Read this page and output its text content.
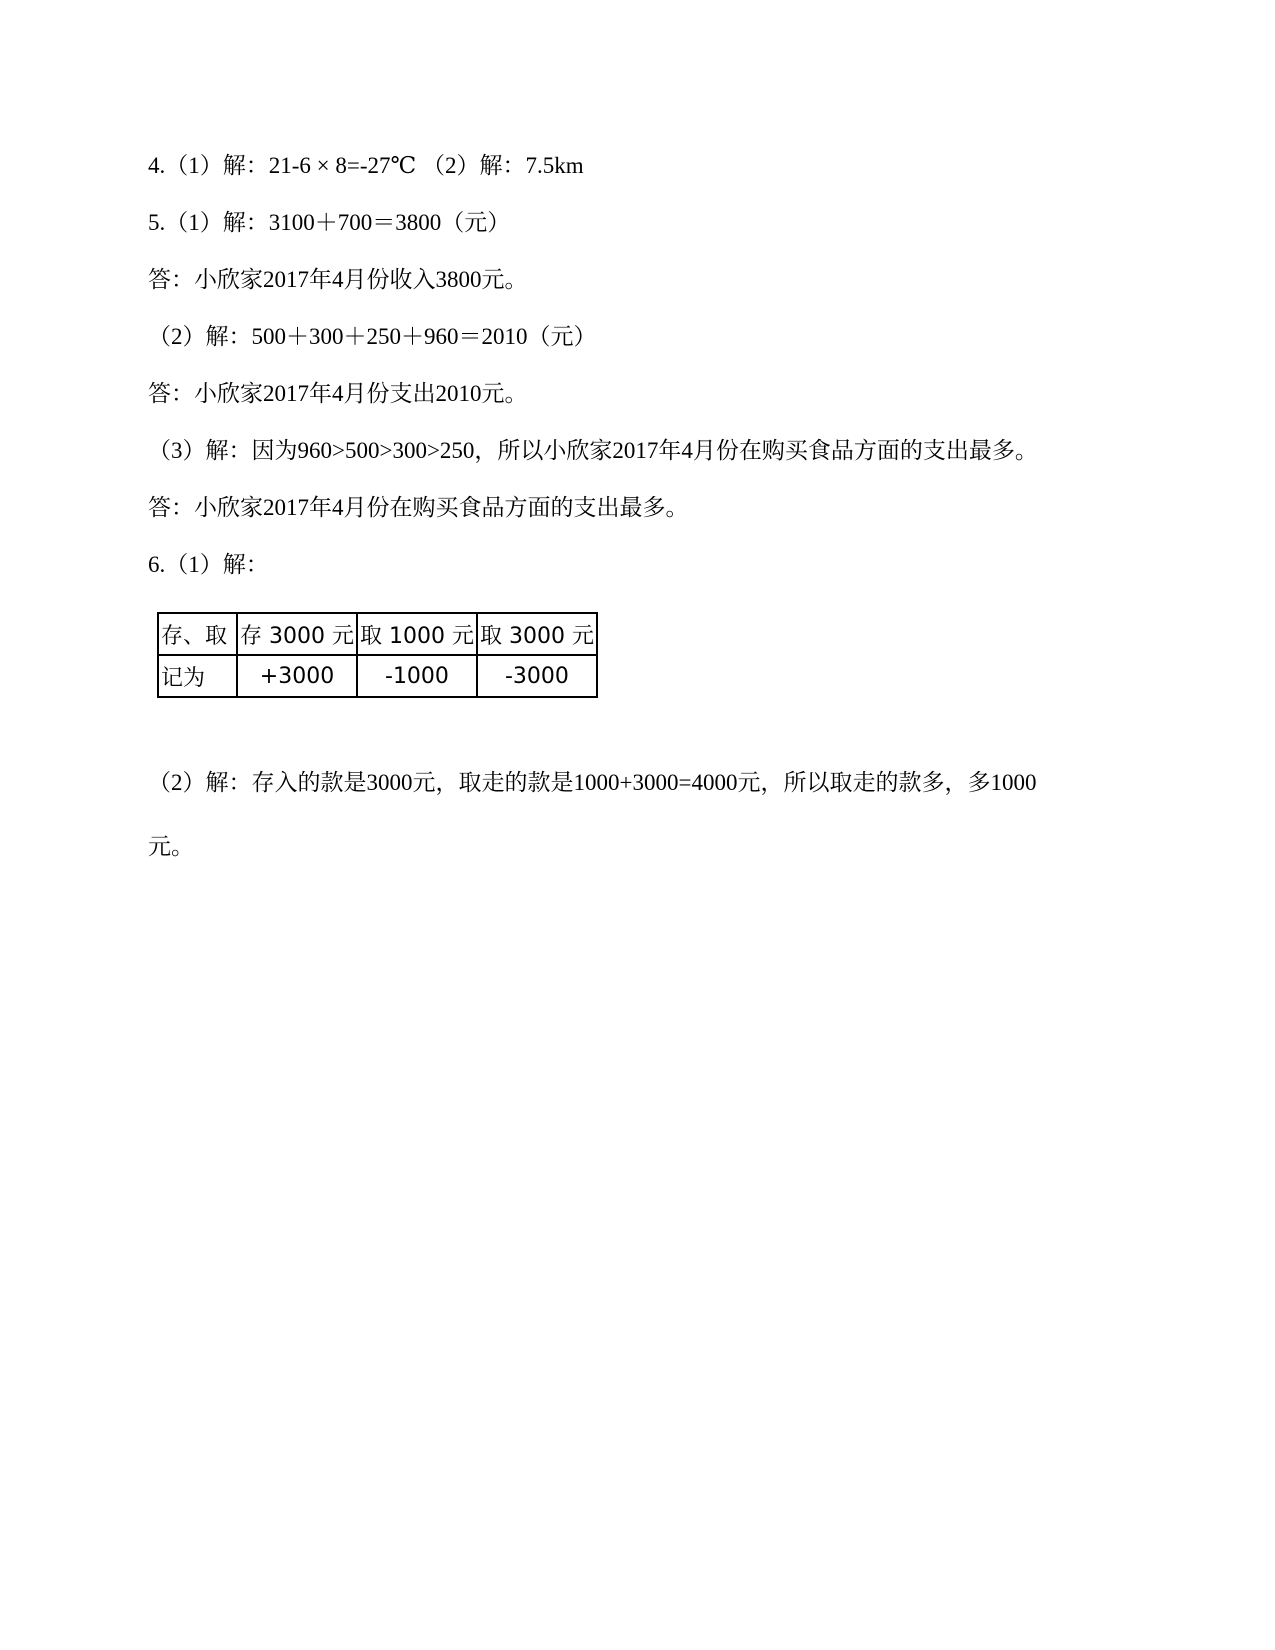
4.（1）解：21-6 × 8=-27℃ （2）解：7.5km
5.（1）解：3100＋700＝3800（元）
答：小欣家2017年4月份收入3800元。
（2）解：500＋300＋250＋960＝2010（元）
答：小欣家2017年4月份支出2010元。
（3）解：因为960>500>300>250，所以小欣家2017年4月份在购买食品方面的支出最多。
答：小欣家2017年4月份在购买食品方面的支出最多。
6.（1）解：
存、取	存 3000 元	取 1000 元	取 3000 元
记为	+3000	-1000	-3000
（2）解：存入的款是3000元，取走的款是1000+3000=4000元，所以取走的款多，多1000
元。
